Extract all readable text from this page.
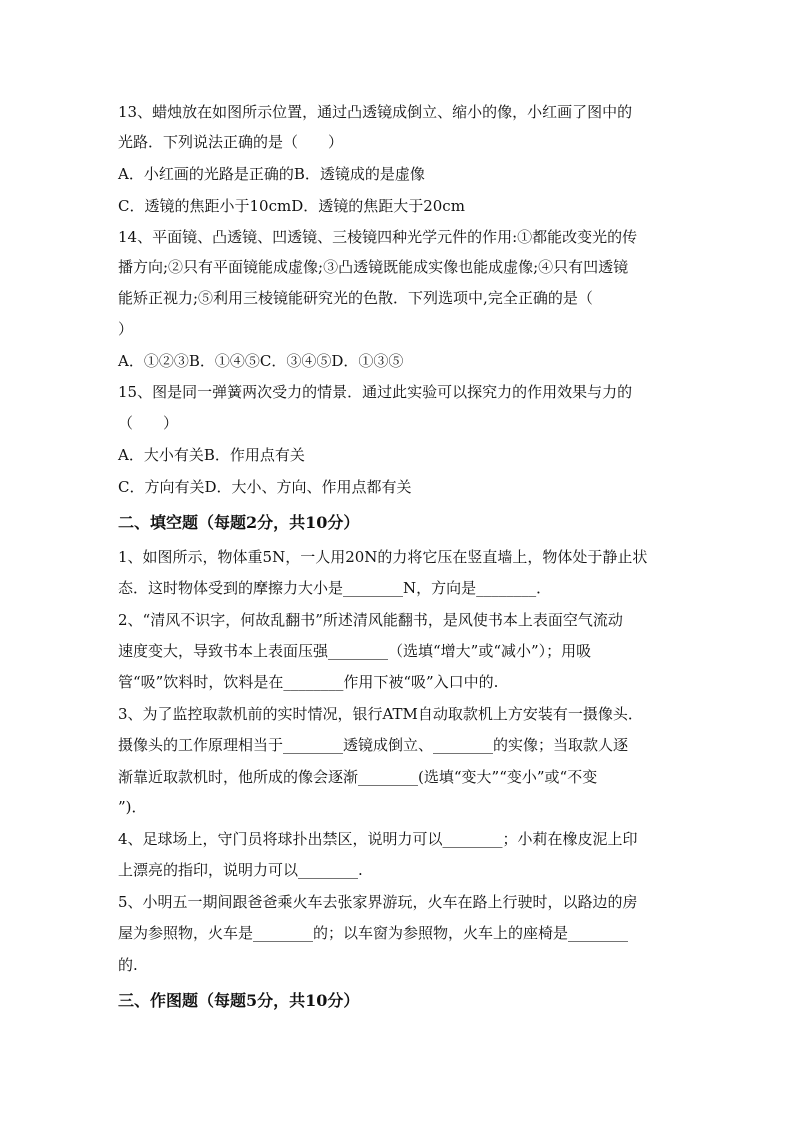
13、蜡烛放在如图所示位置，通过凸透镜成倒立、缩小的像，小红画了图中的
光路．下列说法正确的是（　　）
A．小红画的光路是正确的B．透镜成的是虚像
C．透镜的焦距小于10cmD．透镜的焦距大于20cm
14、平面镜、凸透镜、凹透镜、三棱镜四种光学元件的作用:①都能改变光的传
播方向;②只有平面镜能成虚像;③凸透镜既能成实像也能成虚像;④只有凹透镜
能矫正视力;⑤利用三棱镜能研究光的色散．下列选项中,完全正确的是（
）
A．①②③B．①④⑤C．③④⑤D．①③⑤
15、图是同一弹簧两次受力的情景．通过此实验可以探究力的作用效果与力的
（　　）
A．大小有关B．作用点有关
C．方向有关D．大小、方向、作用点都有关
二、填空题（每题2分，共10分）
1、如图所示，物体重5N，一人用20N的力将它压在竖直墙上，物体处于静止状
态．这时物体受到的摩擦力大小是________N，方向是________．
2、“清风不识字，何故乱翻书”所述清风能翻书，是风使书本上表面空气流动
速度变大，导致书本上表面压强________（选填“增大”或“减小”）；用吸
管“吸”饮料时，饮料是在________作用下被“吸”入口中的.
3、为了监控取款机前的实时情况，银行ATM自动取款机上方安装有一摄像头．
摄像头的工作原理相当于________透镜成倒立、________的实像；当取款人逐
渐靠近取款机时，他所成的像会逐渐________(选填“变大”“变小”或“不变
”)．
4、足球场上，守门员将球扑出禁区，说明力可以________；小莉在橡皮泥上印
上漂亮的指印，说明力可以________.
5、小明五一期间跟爸爸乘火车去张家界游玩，火车在路上行驶时，以路边的房
屋为参照物，火车是________的；以车窗为参照物，火车上的座椅是________
的.
三、作图题（每题5分，共10分）
